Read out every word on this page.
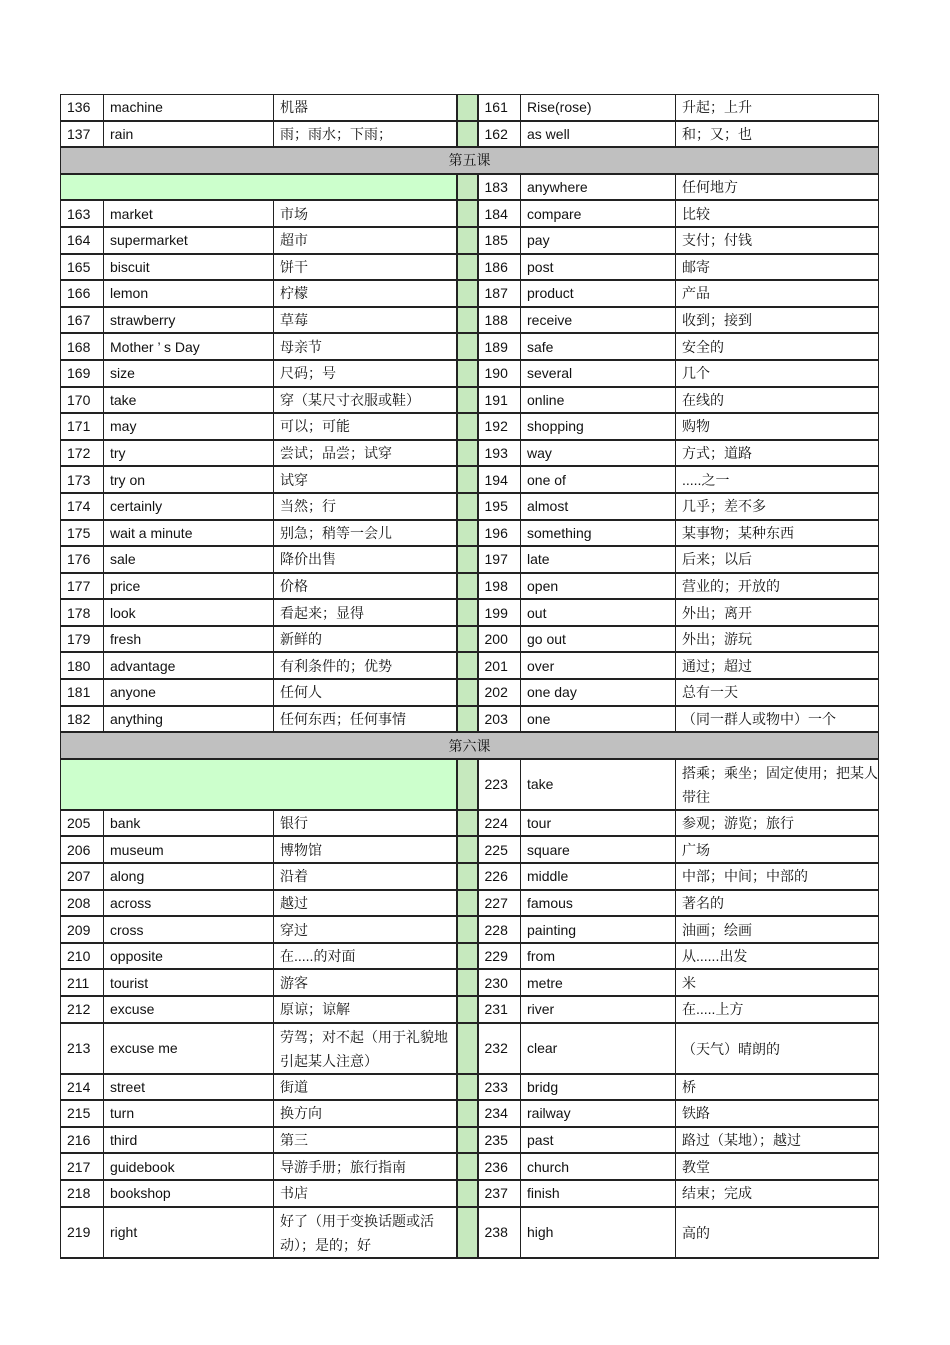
136	machine	机器		161	Rise(rose)	升起；上升
137	rain	雨；雨水；下雨；		162	as well	和；又；也
第五课						
				183	anywhere	任何地方
163	market	市场		184	compare	比较
164	supermarket	超市		185	pay	支付；付钱
165	biscuit	饼干		186	post	邮寄
166	lemon	柠檬		187	product	产品
167	strawberry	草莓		188	receive	收到；接到
168	Mother ’ s Day	母亲节		189	safe	安全的
169	size	尺码；号		190	several	几个
170	take	穿（某尺寸衣服或鞋）		191	online	在线的
171	may	可以；可能		192	shopping	购物
172	try	尝试；品尝；试穿		193	way	方式；道路
173	try on	试穿		194	one of	.....之一
174	certainly	当然；行		195	almost	几乎；差不多
175	wait a minute	别急；稍等一会儿		196	something	某事物；某种东西
176	sale	降价出售		197	late	后来；以后
177	price	价格		198	open	营业的；开放的
178	look	看起来；显得		199	out	外出；离开
179	fresh	新鲜的		200	go out	外出；游玩
180	advantage	有利条件的；优势		201	over	通过；超过
181	anyone	任何人		202	one day	总有一天
182	anything	任何东西；任何事情		203	one	（同一群人或物中）一个
第六课						
				223	take	搭乘；乘坐；固定使用；把某人带往
205	bank	银行		224	tour	参观；游览；旅行
206	museum	博物馆		225	square	广场
207	along	沿着		226	middle	中部；中间；中部的
208	across	越过		227	famous	著名的
209	cross	穿过		228	painting	油画；绘画
210	opposite	在.....的对面		229	from	从......出发
211	tourist	游客		230	metre	米
212	excuse	原谅；谅解		231	river	在.....上方
213	excuse me	劳驾；对不起（用于礼貌地引起某人注意）		232	clear	（天气）晴朗的
214	street	街道		233	bridg	桥
215	turn	换方向		234	railway	铁路
216	third	第三		235	past	路过（某地）；越过
217	guidebook	导游手册；旅行指南		236	church	教堂
218	bookshop	书店		237	finish	结束；完成
219	right	好了（用于变换话题或活动）；是的；好		238	high	高的
